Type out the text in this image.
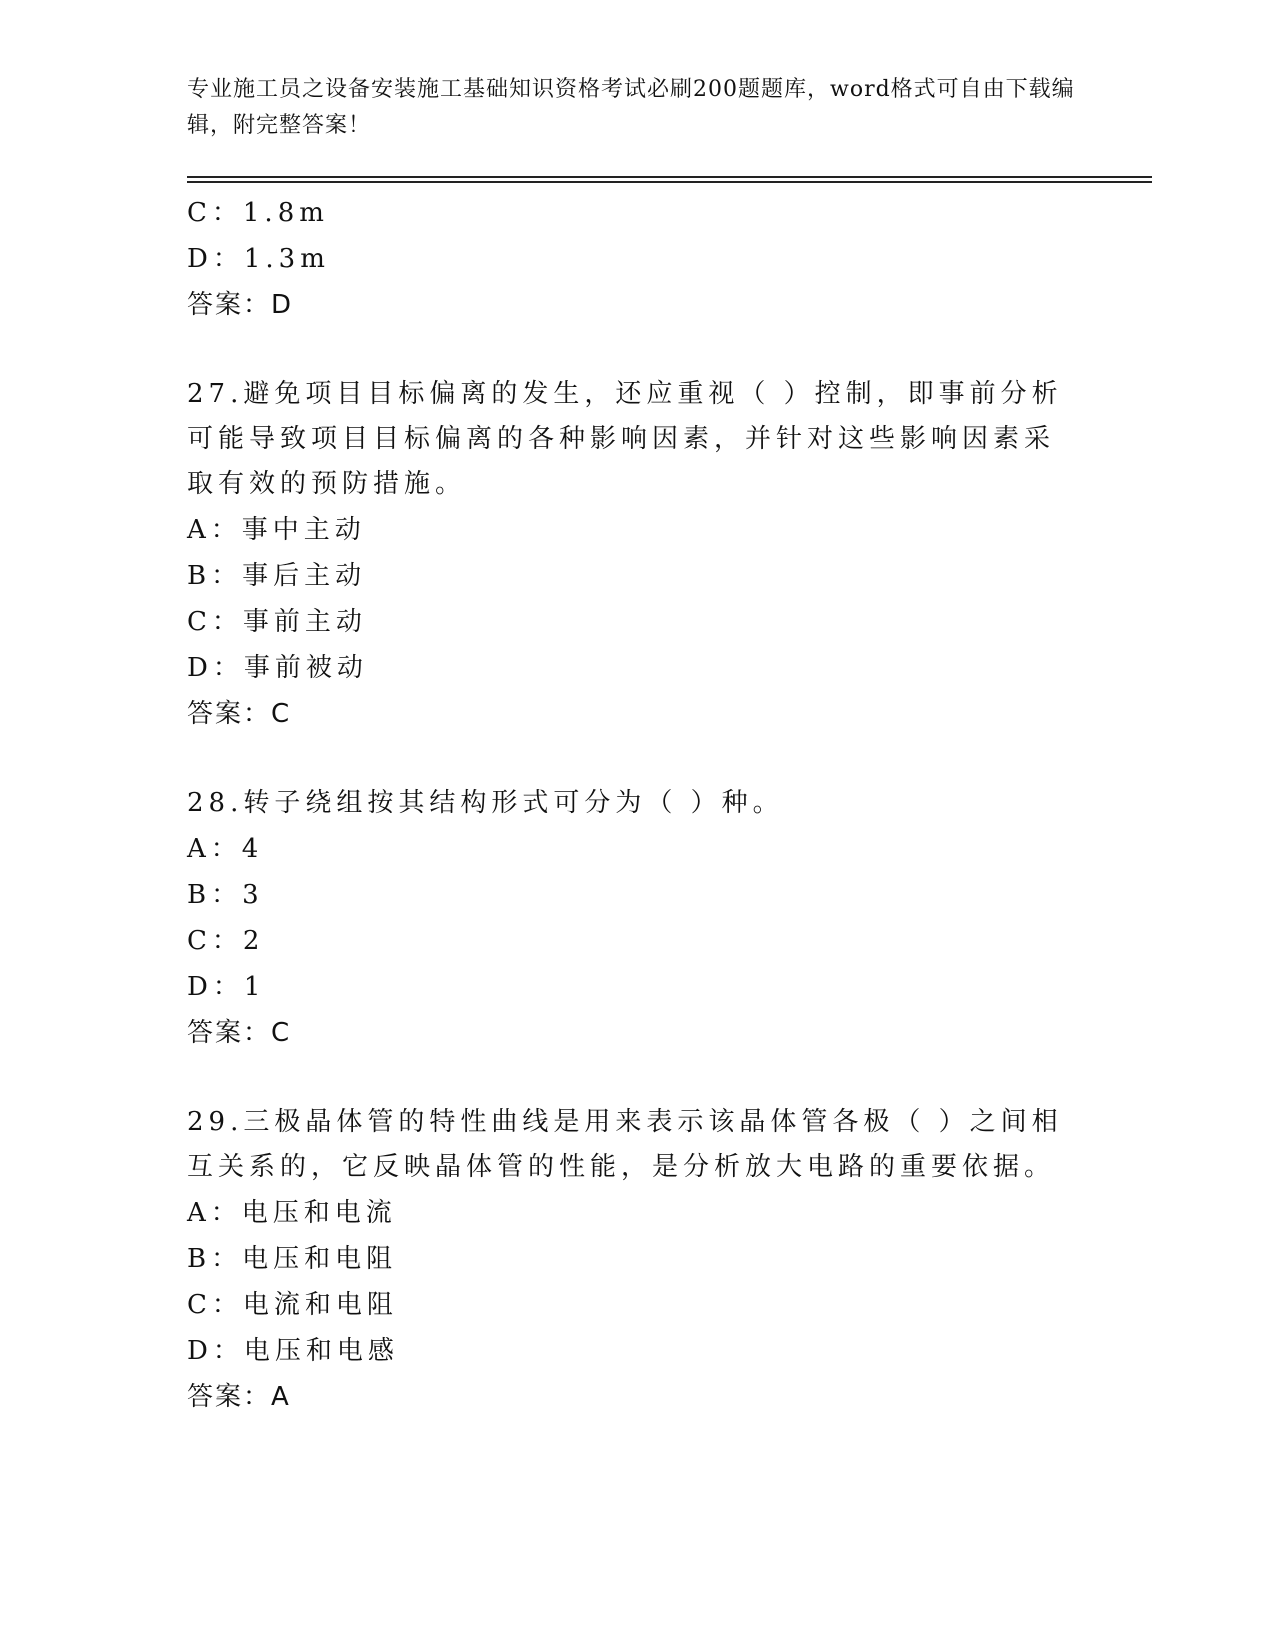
专业施工员之设备安装施工基础知识资格考试必刷200题题库，word格式可自由下载编辑，附完整答案！
C：1.8m
D：1.3m
答案：D
27.避免项目目标偏离的发生，还应重视（ ）控制，即事前分析可能导致项目目标偏离的各种影响因素，并针对这些影响因素采取有效的预防措施。
A：事中主动
B：事后主动
C：事前主动
D：事前被动
答案：C
28.转子绕组按其结构形式可分为（ ）种。
A：4
B：3
C：2
D：1
答案：C
29.三极晶体管的特性曲线是用来表示该晶体管各极（ ）之间相互关系的，它反映晶体管的性能，是分析放大电路的重要依据。
A：电压和电流
B：电压和电阻
C：电流和电阻
D：电压和电感
答案：A
